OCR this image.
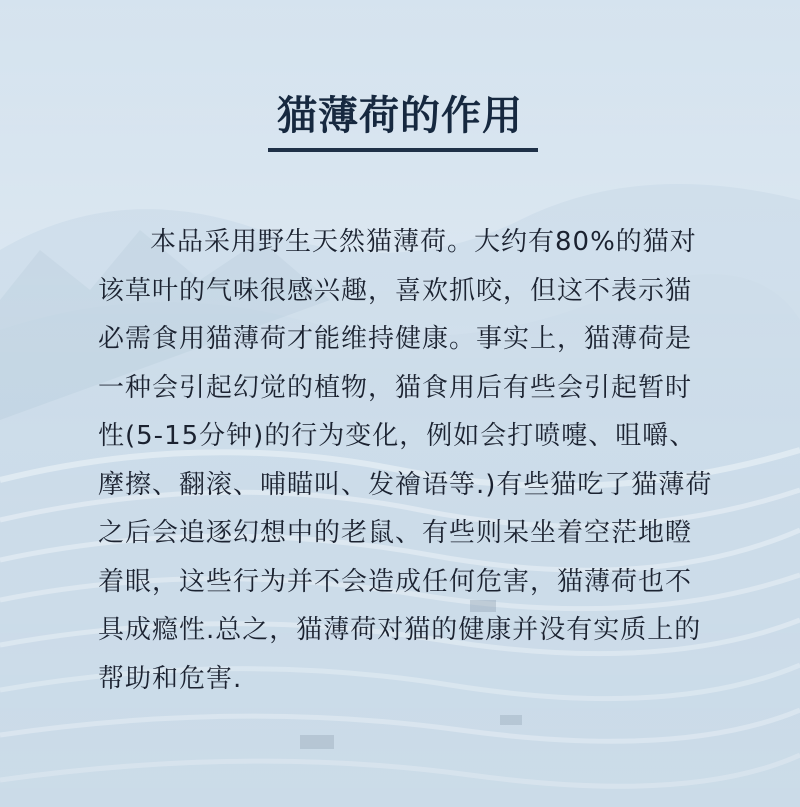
猫薄荷的作用

本品采用野生天然猫薄荷。大约有80%的猫对该草叶的气味很感兴趣，喜欢抓咬，但这不表示猫必需食用猫薄荷才能维持健康。事实上，猫薄荷是一种会引起幻觉的植物，猫食用后有些会引起暂时性(5-15分钟)的行为变化，例如会打喷嚏、咀嚼、摩擦、翻滚、哺瞄叫、发禬语等.)有些猫吃了猫薄荷之后会追逐幻想中的老鼠、有些则呆坐着空茫地瞪着眼，这些行为并不会造成任何危害，猫薄荷也不具成瘾性.总之，猫薄荷对猫的健康并没有实质上的帮助和危害.
